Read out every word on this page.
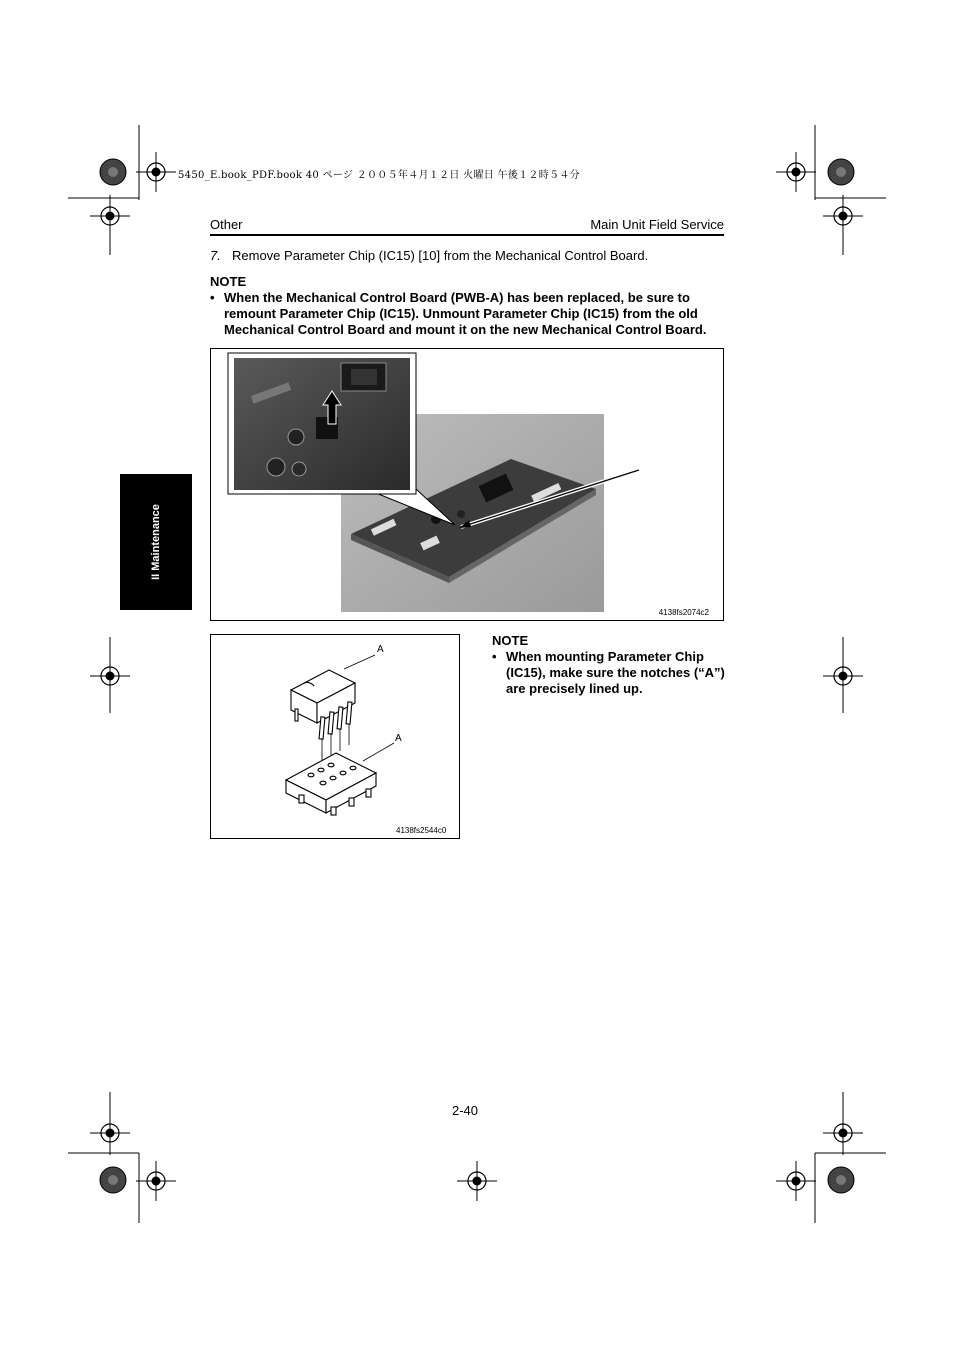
5450_E.book_PDF.book 40 ページ ２００５年４月１２日 火曜日 午後１２時５４分
Other	Main Unit Field Service
7. Remove Parameter Chip (IC15) [10] from the Mechanical Control Board.
NOTE
• When the Mechanical Control Board (PWB-A) has been replaced, be sure to remount Parameter Chip (IC15). Unmount Parameter Chip (IC15) from the old Mechanical Control Board and mount it on the new Mechanical Control Board.
4138fs2074c2
A
A
4138fs2544c0
NOTE
• When mounting Parameter Chip (IC15), make sure the notches (“A”) are precisely lined up.
II Maintenance
2-40
